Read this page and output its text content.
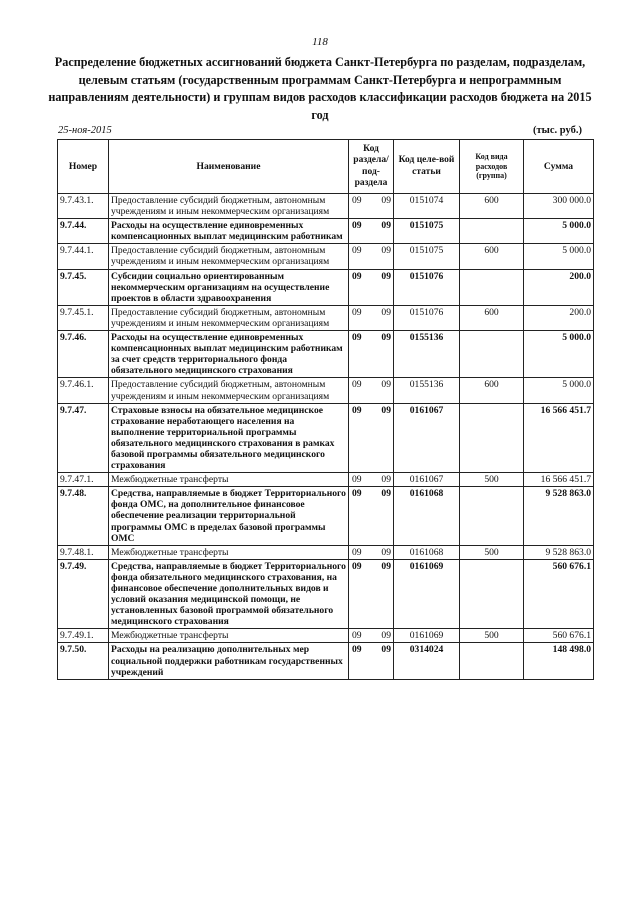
118
Распределение бюджетных ассигнований бюджета Санкт-Петербурга по разделам, подразделам, целевым статьям (государственным программам Санкт-Петербурга и непрограммным направлениям деятельности) и группам видов расходов классификации расходов бюджета на 2015 год
25-ноя-2015	(тыс. руб.)
Номер	Наименование	Код раздела/ под-раздела		Код целе-вой статьи	Код вида расходов (группа)	Сумма
9.7.43.1.	Предоставление субсидий бюджетным, автономным учреждениям и иным некоммерческим организациям	09	09	0151074	600	300 000.0
9.7.44.	Расходы на осуществление единовременных компенсационных выплат медицинским работникам	09	09	0151075		5 000.0
9.7.44.1.	Предоставление субсидий бюджетным, автономным учреждениям и иным некоммерческим организациям	09	09	0151075	600	5 000.0
9.7.45.	Субсидии социально ориентированным некоммерческим организациям на осуществление проектов в области здравоохранения	09	09	0151076		200.0
9.7.45.1.	Предоставление субсидий бюджетным, автономным учреждениям и иным некоммерческим организациям	09	09	0151076	600	200.0
9.7.46.	Расходы на осуществление единовременных компенсационных выплат медицинским работникам за счет средств территориального фонда обязательного медицинского страхования	09	09	0155136		5 000.0
9.7.46.1.	Предоставление субсидий бюджетным, автономным учреждениям и иным некоммерческим организациям	09	09	0155136	600	5 000.0
9.7.47.	Страховые взносы на обязательное медицинское страхование неработающего населения на выполнение территориальной программы обязательного медицинского страхования в рамках базовой программы обязательного медицинского страхования	09	09	0161067		16 566 451.7
9.7.47.1.	Межбюджетные трансферты	09	09	0161067	500	16 566 451.7
9.7.48.	Средства, направляемые в бюджет Территориального фонда ОМС, на дополнительное финансовое обеспечение реализации территориальной программы ОМС в пределах базовой программы ОМС	09	09	0161068		9 528 863.0
9.7.48.1.	Межбюджетные трансферты	09	09	0161068	500	9 528 863.0
9.7.49.	Средства, направляемые в бюджет Территориального фонда обязательного медицинского страхования, на финансовое обеспечение дополнительных видов и условий оказания медицинской помощи, не установленных базовой программой обязательного медицинского страхования	09	09	0161069		560 676.1
9.7.49.1.	Межбюджетные трансферты	09	09	0161069	500	560 676.1
9.7.50.	Расходы на реализацию дополнительных мер социальной поддержки работникам государственных учреждений	09	09	0314024		148 498.0
